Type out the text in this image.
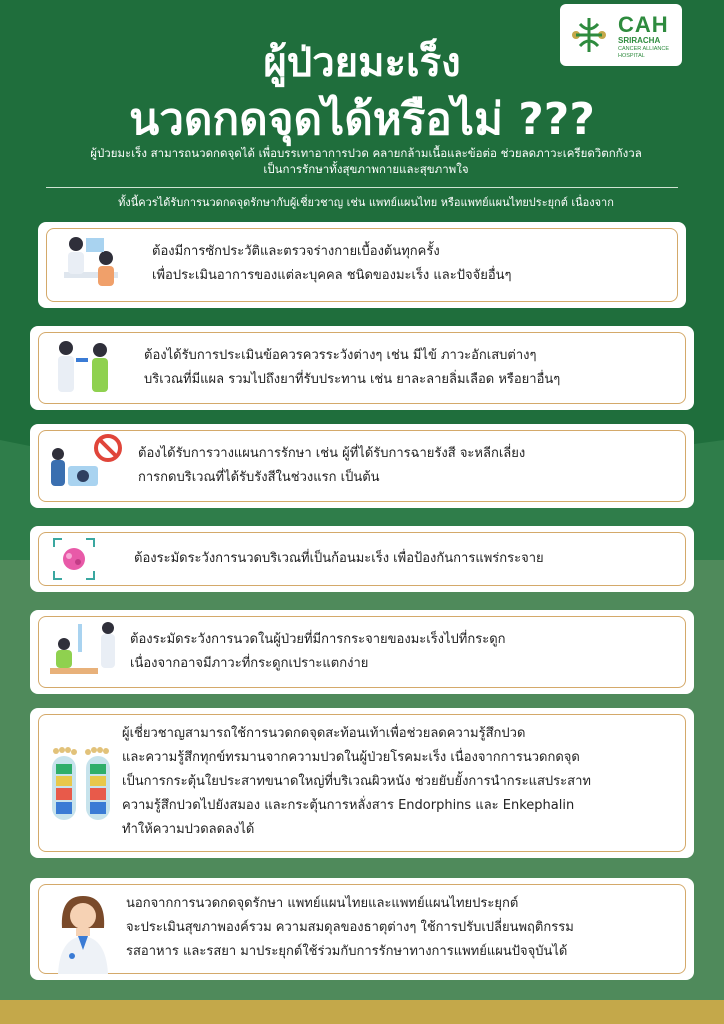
CAH
SRIRACHA
CANCER ALLIANCE HOSPITAL
ผู้ป่วยมะเร็ง
นวดกดจุดได้หรือไม่ ???
ผู้ป่วยมะเร็ง สามารถนวดกดจุดได้ เพื่อบรรเทาอาการปวด คลายกล้ามเนื้อและข้อต่อ ช่วยลดภาวะเครียดวิตกกังวล
เป็นการรักษาทั้งสุขภาพกายและสุขภาพใจ
ทั้งนี้ควรได้รับการนวดกดจุดรักษากับผู้เชี่ยวชาญ เช่น แพทย์แผนไทย หรือแพทย์แผนไทยประยุกต์ เนื่องจาก
ต้องมีการซักประวัติและตรวจร่างกายเบื้องต้นทุกครั้ง
เพื่อประเมินอาการของแต่ละบุคคล ชนิดของมะเร็ง และปัจจัยอื่นๆ
ต้องได้รับการประเมินข้อควรควรระวังต่างๆ เช่น มีไข้ ภาวะอักเสบต่างๆ
บริเวณที่มีแผล รวมไปถึงยาที่รับประทาน เช่น ยาละลายลิ่มเลือด หรือยาอื่นๆ
ต้องได้รับการวางแผนการรักษา เช่น ผู้ที่ได้รับการฉายรังสี จะหลีกเลี่ยง
การกดบริเวณที่ได้รับรังสีในช่วงแรก เป็นต้น
ต้องระมัดระวังการนวดบริเวณที่เป็นก้อนมะเร็ง เพื่อป้องกันการแพร่กระจาย
ต้องระมัดระวังการนวดในผู้ป่วยที่มีการกระจายของมะเร็งไปที่กระดูก
เนื่องจากอาจมีภาวะที่กระดูกเปราะแตกง่าย
ผู้เชี่ยวชาญสามารถใช้การนวดกดจุดสะท้อนเท้าเพื่อช่วยลดความรู้สึกปวด
และความรู้สึกทุกข์ทรมานจากความปวดในผู้ป่วยโรคมะเร็ง เนื่องจากการนวดกดจุด
เป็นการกระตุ้นใยประสาทขนาดใหญ่ที่บริเวณผิวหนัง ช่วยยับยั้งการนำกระแสประสาท
ความรู้สึกปวดไปยังสมอง และกระตุ้นการหลั่งสาร Endorphins และ Enkephalin
ทำให้ความปวดลดลงได้
นอกจากการนวดกดจุดรักษา แพทย์แผนไทยและแพทย์แผนไทยประยุกต์
จะประเมินสุขภาพองค์รวม ความสมดุลของธาตุต่างๆ ใช้การปรับเปลี่ยนพฤติกรรม
รสอาหาร และรสยา มาประยุกต์ใช้ร่วมกับการรักษาทางการแพทย์แผนปัจจุบันได้
